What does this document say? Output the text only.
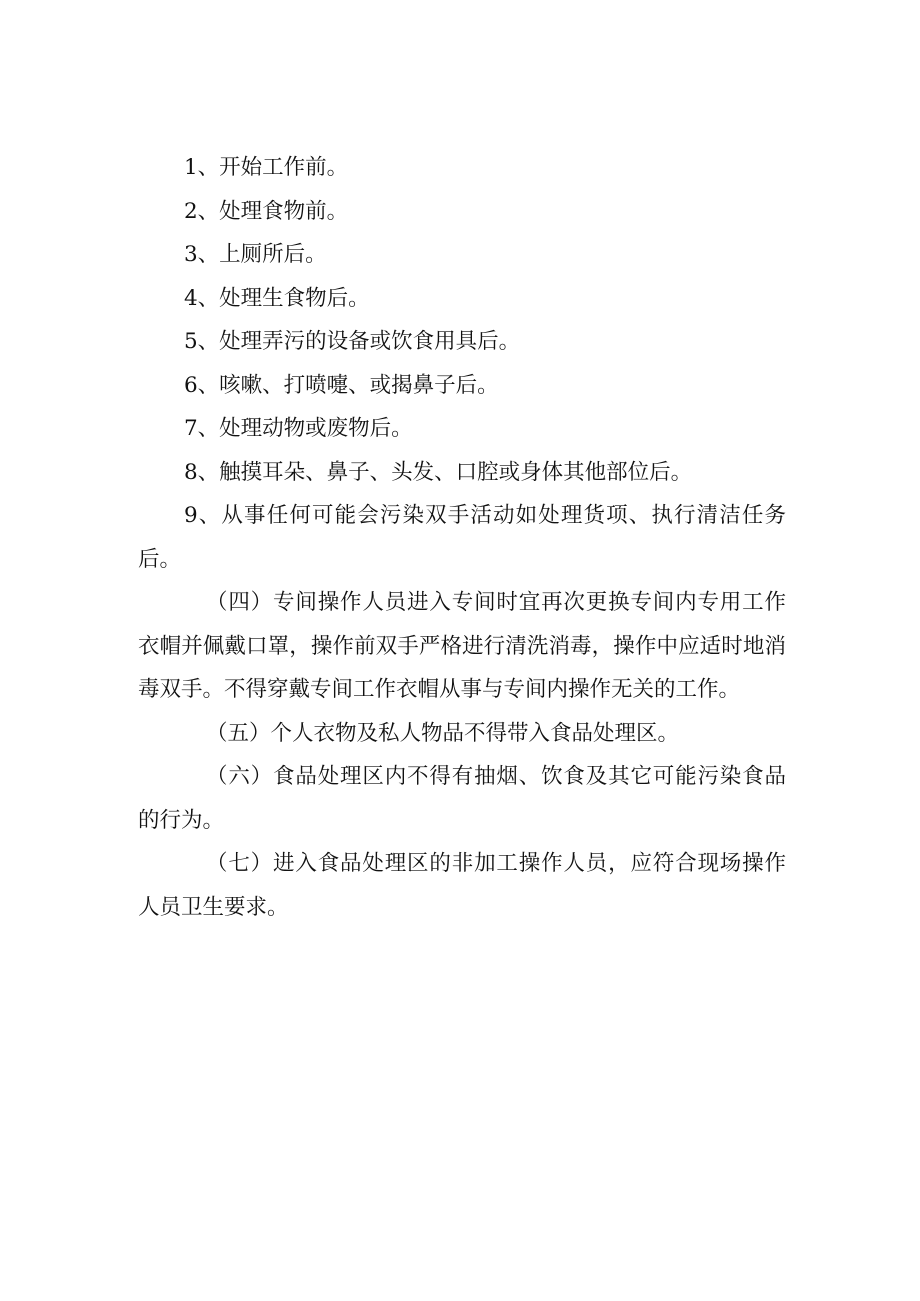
1、开始工作前。

2、处理食物前。

3、上厕所后。

4、处理生食物后。

5、处理弄污的设备或饮食用具后。

6、咳嗽、打喷嚏、或揭鼻子后。

7、处理动物或废物后。

8、触摸耳朵、鼻子、头发、口腔或身体其他部位后。

9、从事任何可能会污染双手活动如处理货项、执行清洁任务后。

（四）专间操作人员进入专间时宜再次更换专间内专用工作衣帽并佩戴口罩，操作前双手严格进行清洗消毒，操作中应适时地消毒双手。不得穿戴专间工作衣帽从事与专间内操作无关的工作。

（五）个人衣物及私人物品不得带入食品处理区。

（六）食品处理区内不得有抽烟、饮食及其它可能污染食品的行为。

（七）进入食品处理区的非加工操作人员，应符合现场操作人员卫生要求。
